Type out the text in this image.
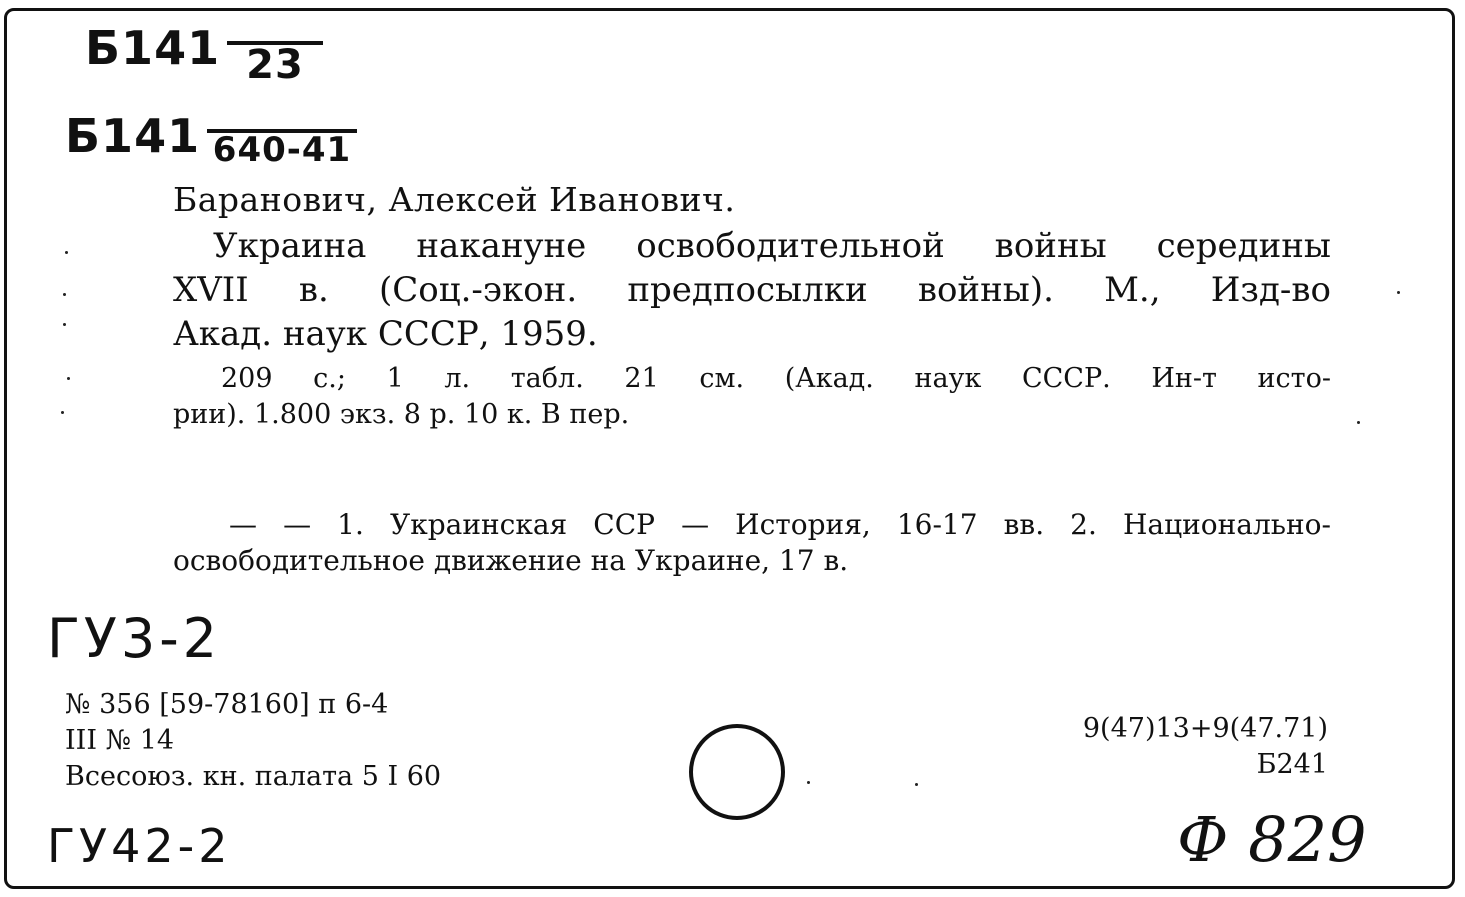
Б141 23
Б141 640-41
Баранович, Алексей Иванович.
Украина накануне освободительной войны середины
XVII в. (Соц.-экон. предпосылки войны). М., Изд-во
Акад. наук СССР, 1959.
209 с.; 1 л. табл. 21 см. (Акад. наук СССР. Ин-т исто-
рии). 1.800 экз. 8 р. 10 к. В пер.
— — 1. Украинская ССР — История, 16-17 вв. 2. Национально-
освободительное движение на Украине, 17 в.
ГУ3-2
№ 356 [59-78160] п 6-4
III № 14
Всесоюз. кн. палата 5 I 60
9(47)13+9(47.71)
Б241
ГУ42-2	Ф 829
